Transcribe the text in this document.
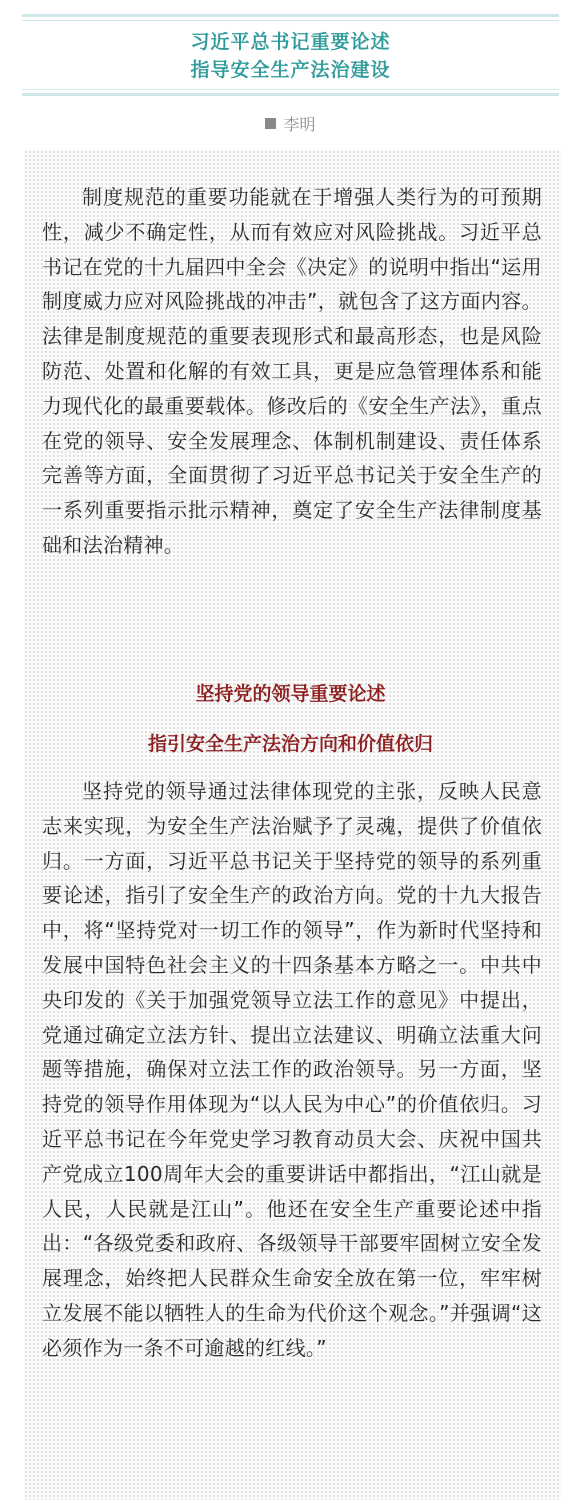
习近平总书记重要论述
指导安全生产法治建设
李明

制度规范的重要功能就在于增强人类行为的可预期性，减少不确定性，从而有效应对风险挑战。习近平总书记在党的十九届四中全会《决定》的说明中指出“运用制度威力应对风险挑战的冲击”，就包含了这方面内容。法律是制度规范的重要表现形式和最高形态，也是风险防范、处置和化解的有效工具，更是应急管理体系和能力现代化的最重要载体。修改后的《安全生产法》，重点在党的领导、安全发展理念、体制机制建设、责任体系完善等方面，全面贯彻了习近平总书记关于安全生产的一系列重要指示批示精神，奠定了安全生产法律制度基础和法治精神。

坚持党的领导重要论述
指引安全生产法治方向和价值依归

坚持党的领导通过法律体现党的主张，反映人民意志来实现，为安全生产法治赋予了灵魂，提供了价值依归。一方面，习近平总书记关于坚持党的领导的系列重要论述，指引了安全生产的政治方向。党的十九大报告中，将“坚持党对一切工作的领导”，作为新时代坚持和发展中国特色社会主义的十四条基本方略之一。中共中央印发的《关于加强党领导立法工作的意见》中提出，党通过确定立法方针、提出立法建议、明确立法重大问题等措施，确保对立法工作的政治领导。另一方面，坚持党的领导作用体现为“以人民为中心”的价值依归。习近平总书记在今年党史学习教育动员大会、庆祝中国共产党成立100周年大会的重要讲话中都指出，“江山就是人民，人民就是江山”。他还在安全生产重要论述中指出：“各级党委和政府、各级领导干部要牢固树立安全发展理念，始终把人民群众生命安全放在第一位，牢牢树立发展不能以牺牲人的生命为代价这个观念。”并强调“这必须作为一条不可逾越的红线。”
